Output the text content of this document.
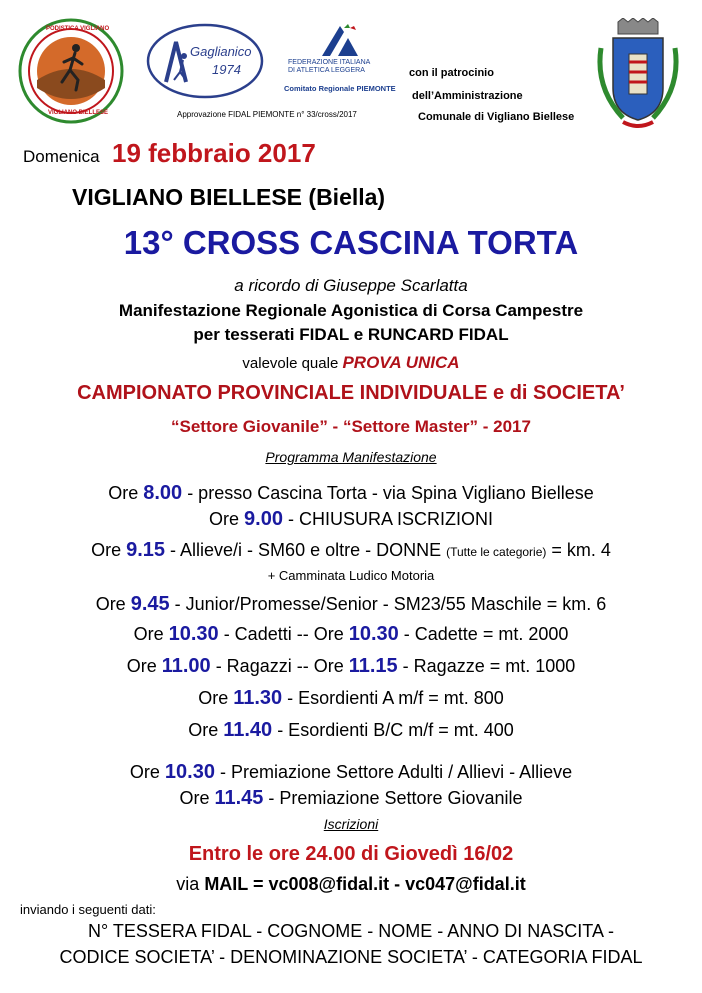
PODISTICA VIGLIANO
VIGLIANO BIELLESE
Gaglianico
1974	FEDERAZIONE ITALIANA
DI ATLETICA LEGGERA
Comitato Regionale PIEMONTE
Approvazione FIDAL PIEMONTE n° 33/cross/2017
con il patrocinio
dell’Amministrazione
Comunale di Vigliano Biellese
Domenica 19 febbraio 2017
VIGLIANO BIELLESE (Biella)
13° CROSS CASCINA TORTA
a ricordo di Giuseppe Scarlatta
Manifestazione Regionale Agonistica di Corsa Campestre
per tesserati FIDAL e RUNCARD FIDAL
valevole quale PROVA UNICA
CAMPIONATO PROVINCIALE INDIVIDUALE e di SOCIETA’
“Settore Giovanile” - “Settore Master” - 2017
Programma Manifestazione
Ore 8.00 - presso Cascina Torta - via Spina Vigliano Biellese
Ore 9.00 - CHIUSURA ISCRIZIONI
Ore 9.15 - Allieve/i - SM60 e oltre - DONNE (Tutte le categorie) = km. 4
+ Camminata Ludico Motoria
Ore 9.45 - Junior/Promesse/Senior - SM23/55 Maschile = km. 6
Ore 10.30 - Cadetti -- Ore 10.30 - Cadette = mt. 2000
Ore 11.00 - Ragazzi -- Ore 11.15 - Ragazze = mt. 1000
Ore 11.30 - Esordienti A m/f = mt. 800
Ore 11.40 - Esordienti B/C m/f = mt. 400
Ore 10.30 - Premiazione Settore Adulti / Allievi - Allieve
Ore 11.45 - Premiazione Settore Giovanile
Iscrizioni
Entro le ore 24.00 di Giovedì 16/02
via MAIL = vc008@fidal.it - vc047@fidal.it
inviando i seguenti dati:
N° TESSERA FIDAL - COGNOME - NOME - ANNO DI NASCITA -
CODICE SOCIETA’ - DENOMINAZIONE SOCIETA’ - CATEGORIA FIDAL
